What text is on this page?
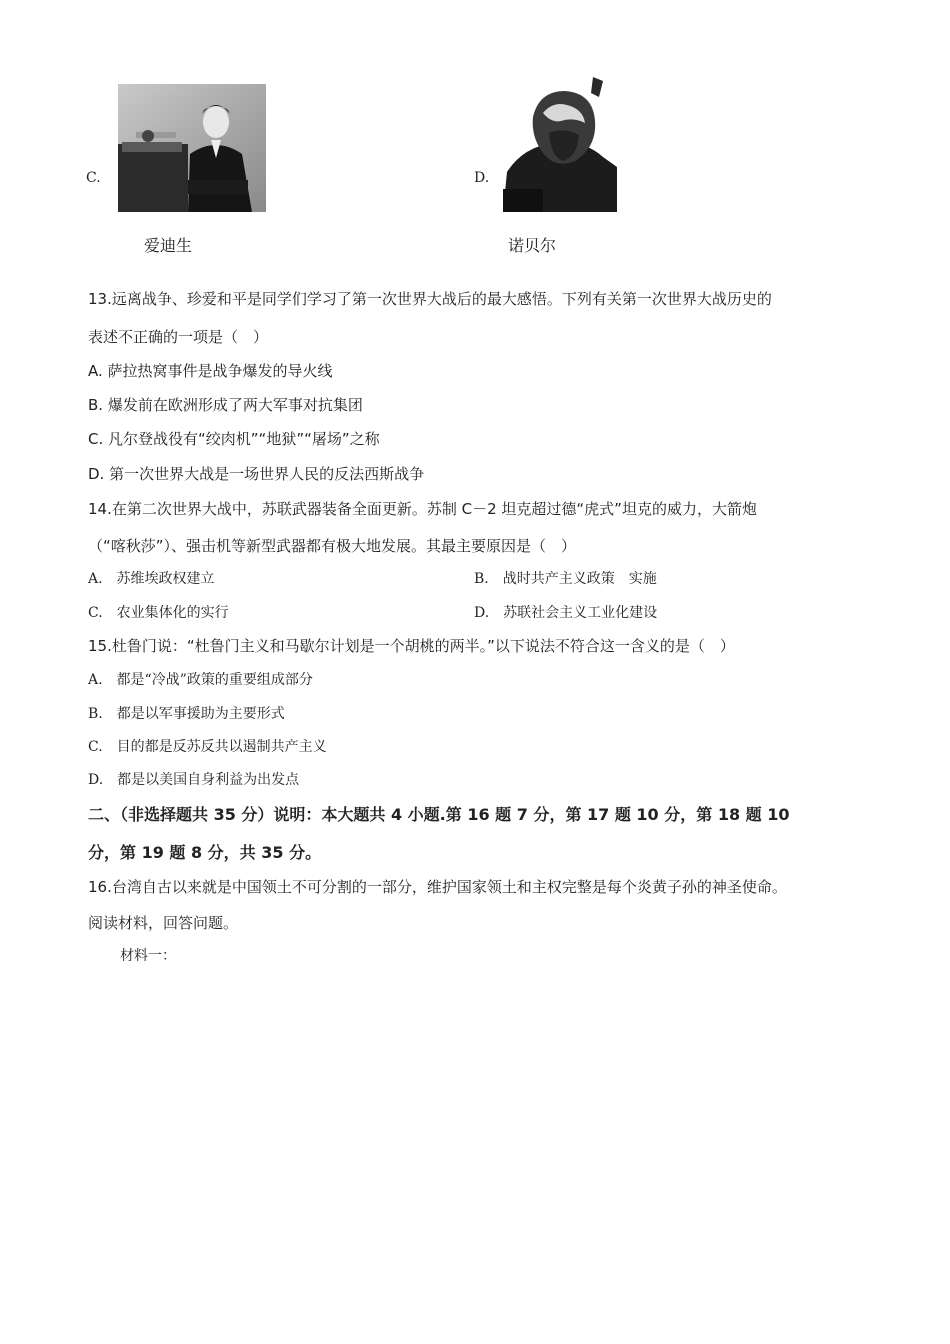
C.
爱迪生
D.
诺贝尔
13.远离战争、珍爱和平是同学们学习了第一次世界大战后的最大感悟。下列有关第一次世界大战历史的
表述不正确的一项是（　）
A. 萨拉热窝事件是战争爆发的导火线
B. 爆发前在欧洲形成了两大军事对抗集团
C. 凡尔登战役有“绞肉机”“地狱”“屠场”之称
D. 第一次世界大战是一场世界人民的反法西斯战争
14.在第二次世界大战中，苏联武器装备全面更新。苏制 C－2 坦克超过德“虎式”坦克的威力，大箭炮
（“喀秋莎”）、强击机等新型武器都有极大地发展。其最主要原因是（　）
A.　苏维埃政权建立	B.　战时共产主义政策　实施
C.　农业集体化的实行	D.　苏联社会主义工业化建设
15.杜鲁门说：“杜鲁门主义和马歇尔计划是一个胡桃的两半。”以下说法不符合这一含义的是（　）
A.　都是“冷战”政策的重要组成部分
B.　都是以军事援助为主要形式
C.　目的都是反苏反共以遏制共产主义
D.　都是以美国自身利益为出发点
二、（非选择题共 35 分）说明：本大题共 4 小题.第 16 题 7 分，第 17 题 10 分，第 18 题 10
分，第 19 题 8 分，共 35 分。
16.台湾自古以来就是中国领土不可分割的一部分，维护国家领土和主权完整是每个炎黄子孙的神圣使命。
阅读材料，回答问题。
材料一：
